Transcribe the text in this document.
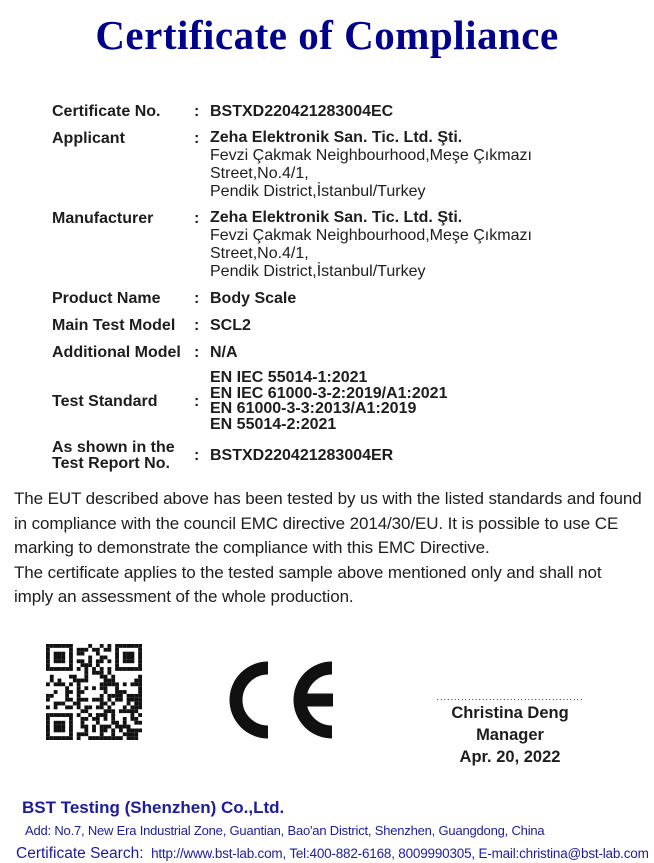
Certificate of Compliance
Certificate No.	: BSTXD220421283004EC
Applicant	: Zeha Elektronik San. Tic. Ltd. Şti.
Fevzi Çakmak Neighbourhood,Meşe Çıkmazı Street,No.4/1,
Pendik District,İstanbul/Turkey
Manufacturer	: Zeha Elektronik San. Tic. Ltd. Şti.
Fevzi Çakmak Neighbourhood,Meşe Çıkmazı Street,No.4/1,
Pendik District,İstanbul/Turkey
Product Name	: Body Scale
Main Test Model	: SCL2
Additional Model : N/A
Test Standard	:
EN IEC 55014-1:2021
EN IEC 61000-3-2:2019/A1:2021
EN 61000-3-3:2013/A1:2019
EN 55014-2:2021
As shown in the
Test Report No.	: BSTXD220421283004ER

The EUT described above has been tested by us with the listed standards and found in compliance with the council EMC directive 2014/30/EU. It is possible to use CE marking to demonstrate the compliance with this EMC Directive.

The certificate applies to the tested sample above mentioned only and shall not imply an assessment of the whole production.

..........................................
Christina Deng
Manager
Apr. 20, 2022
BST Testing (Shenzhen) Co.,Ltd.
Add: No.7, New Era Industrial Zone, Guantian, Bao'an District, Shenzhen, Guangdong, China
Certificate Search: http://www.bst-lab.com, Tel:400-882-6168, 8009990305, E-mail:christina@bst-lab.com
